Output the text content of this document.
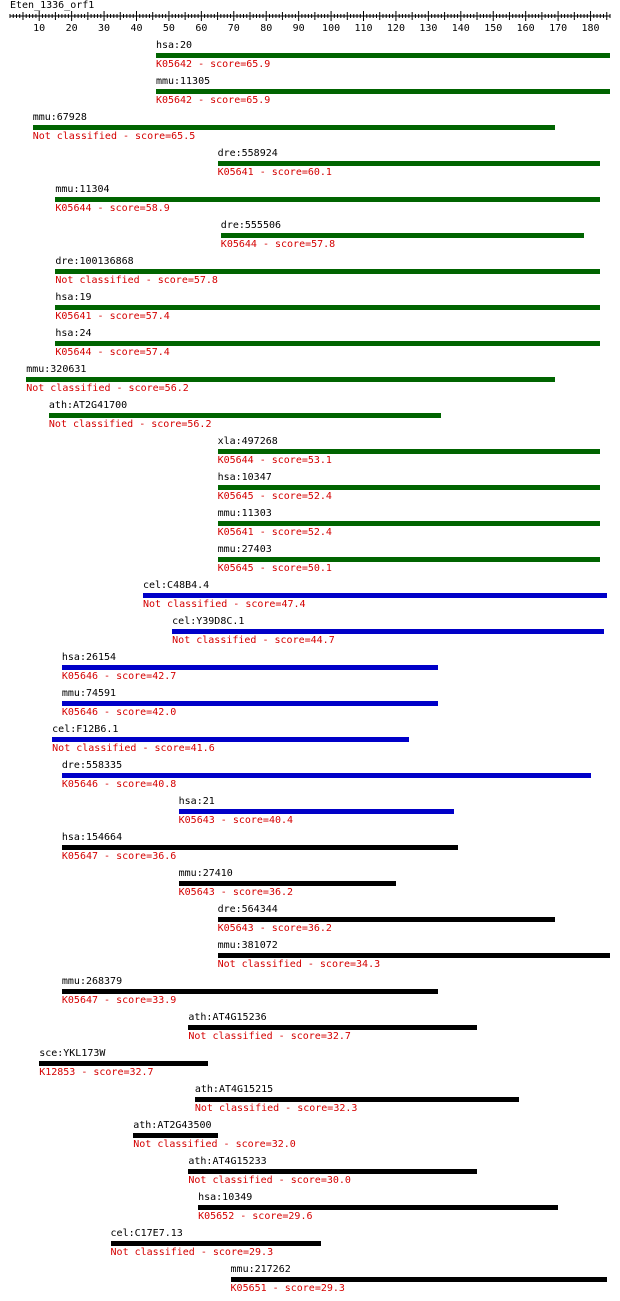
Eten_1336_orf1
10 20 30 40 50 60 70 80 90 100 110 120 130 140 150 160 170 180
hsa:20
K05642 - score=65.9
mmu:11305
K05642 - score=65.9
mmu:67928
Not classified - score=65.5
dre:558924
K05641 - score=60.1
mmu:11304
K05644 - score=58.9
dre:555506
K05644 - score=57.8
dre:100136868
Not classified - score=57.8
hsa:19
K05641 - score=57.4
hsa:24
K05644 - score=57.4
mmu:320631
Not classified - score=56.2
ath:AT2G41700
Not classified - score=56.2
xla:497268
K05644 - score=53.1
hsa:10347
K05645 - score=52.4
mmu:11303
K05641 - score=52.4
mmu:27403
K05645 - score=50.1
cel:C48B4.4
Not classified - score=47.4
cel:Y39D8C.1
Not classified - score=44.7
hsa:26154
K05646 - score=42.7
mmu:74591
K05646 - score=42.0
cel:F12B6.1
Not classified - score=41.6
dre:558335
K05646 - score=40.8
hsa:21
K05643 - score=40.4
hsa:154664
K05647 - score=36.6
mmu:27410
K05643 - score=36.2
dre:564344
K05643 - score=36.2
mmu:381072
Not classified - score=34.3
mmu:268379
K05647 - score=33.9
ath:AT4G15236
Not classified - score=32.7
sce:YKL173W
K12853 - score=32.7
ath:AT4G15215
Not classified - score=32.3
ath:AT2G43500
Not classified - score=32.0
ath:AT4G15233
Not classified - score=30.0
hsa:10349
K05652 - score=29.6
cel:C17E7.13
Not classified - score=29.3
mmu:217262
K05651 - score=29.3
